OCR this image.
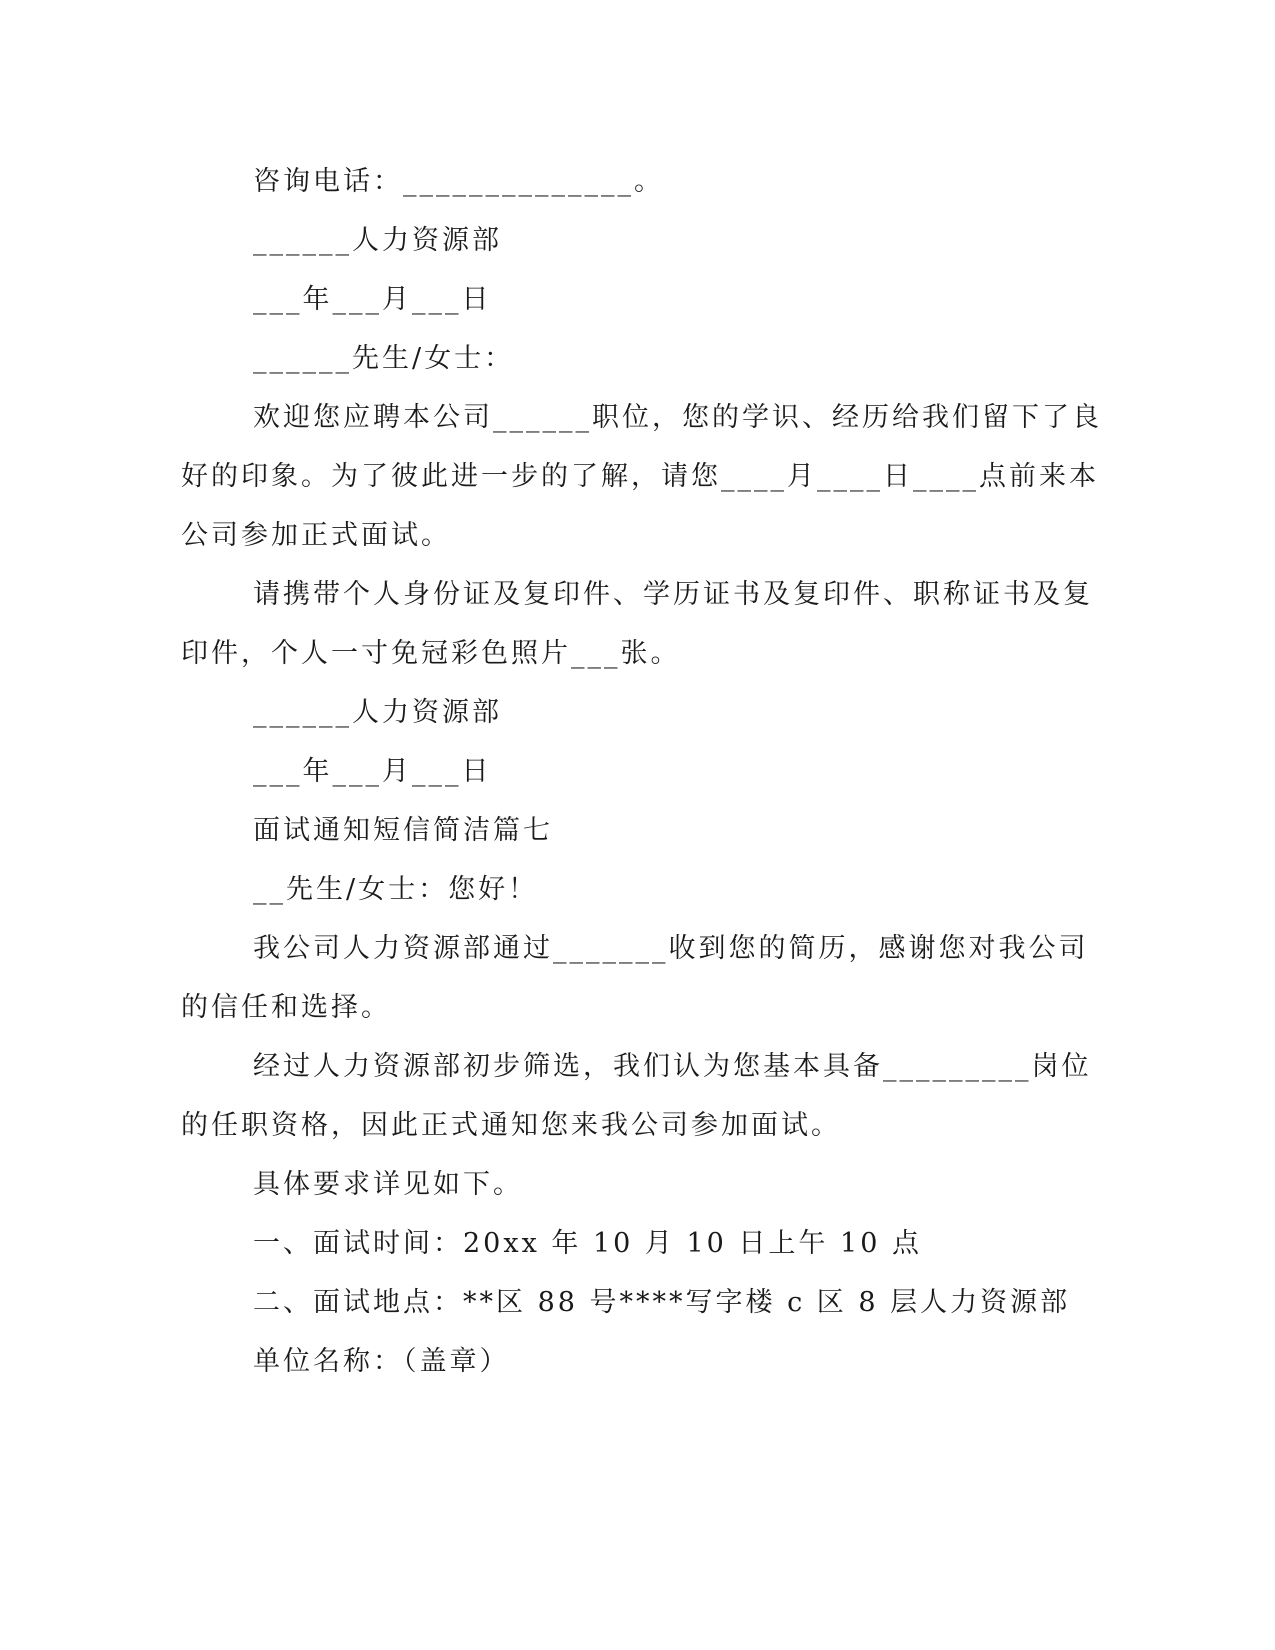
咨询电话：______________。
______人力资源部
___年___月___日
______先生/女士：
欢迎您应聘本公司______职位，您的学识、经历给我们留下了良
好的印象。为了彼此进一步的了解，请您____月____日____点前来本
公司参加正式面试。
请携带个人身份证及复印件、学历证书及复印件、职称证书及复
印件，个人一寸免冠彩色照片___张。
______人力资源部
___年___月___日
面试通知短信简洁篇七
__先生/女士：您好！
我公司人力资源部通过_______收到您的简历，感谢您对我公司
的信任和选择。
经过人力资源部初步筛选，我们认为您基本具备_________岗位
的任职资格，因此正式通知您来我公司参加面试。
具体要求详见如下。
一、面试时间：20xx 年 10 月 10 日上午 10 点
二、面试地点：**区 88 号****写字楼 c 区 8 层人力资源部
单位名称：（盖章）
